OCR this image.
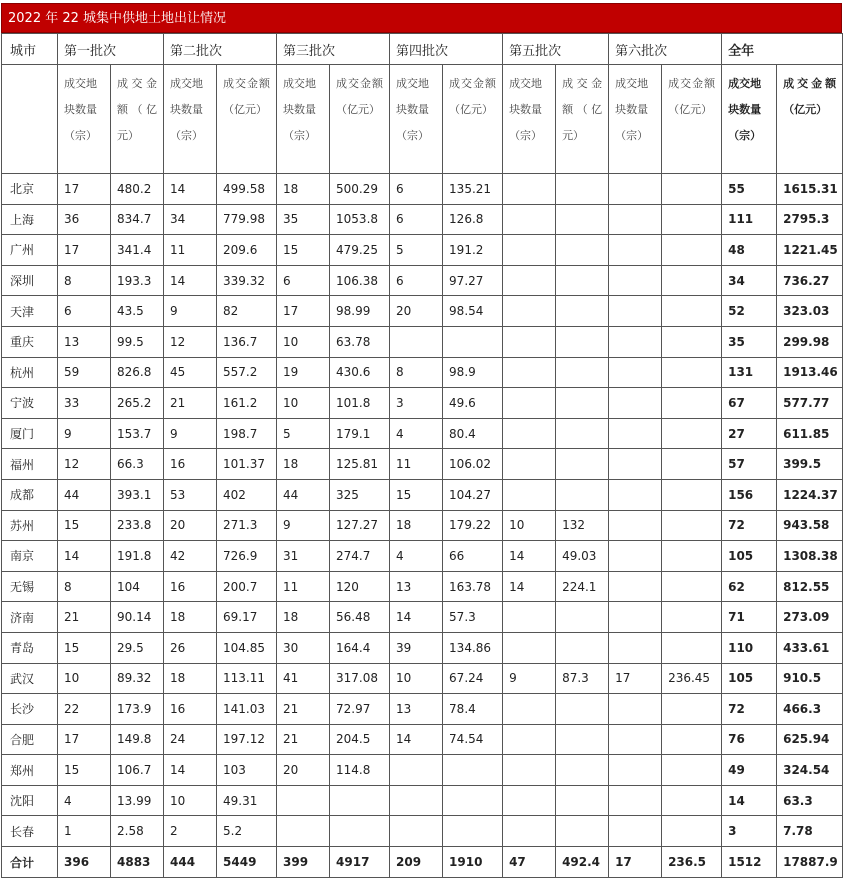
2022 年 22 城集中供地土地出让情况
城市	第一批次		第二批次		第三批次		第四批次		第五批次		第六批次		全年	
	成交地块数量（宗）	成交金额（亿元）	成交地块数量（宗）	成交金额（亿元）	成交地块数量（宗）	成交金额（亿元）	成交地块数量（宗）	成交金额（亿元）	成交地块数量（宗）	成交金额（亿元）	成交地块数量（宗）	成交金额（亿元）	成交地块数量（宗）	成交金额（亿元）
北京	17	480.2	14	499.58	18	500.29	6	135.21					55	1615.31
上海	36	834.7	34	779.98	35	1053.8	6	126.8					111	2795.3
广州	17	341.4	11	209.6	15	479.25	5	191.2					48	1221.45
深圳	8	193.3	14	339.32	6	106.38	6	97.27					34	736.27
天津	6	43.5	9	82	17	98.99	20	98.54					52	323.03
重庆	13	99.5	12	136.7	10	63.78							35	299.98
杭州	59	826.8	45	557.2	19	430.6	8	98.9					131	1913.46
宁波	33	265.2	21	161.2	10	101.8	3	49.6					67	577.77
厦门	9	153.7	9	198.7	5	179.1	4	80.4					27	611.85
福州	12	66.3	16	101.37	18	125.81	11	106.02					57	399.5
成都	44	393.1	53	402	44	325	15	104.27					156	1224.37
苏州	15	233.8	20	271.3	9	127.27	18	179.22	10	132			72	943.58
南京	14	191.8	42	726.9	31	274.7	4	66	14	49.03			105	1308.38
无锡	8	104	16	200.7	11	120	13	163.78	14	224.1			62	812.55
济南	21	90.14	18	69.17	18	56.48	14	57.3					71	273.09
青岛	15	29.5	26	104.85	30	164.4	39	134.86					110	433.61
武汉	10	89.32	18	113.11	41	317.08	10	67.24	9	87.3	17	236.45	105	910.5
长沙	22	173.9	16	141.03	21	72.97	13	78.4					72	466.3
合肥	17	149.8	24	197.12	21	204.5	14	74.54					76	625.94
郑州	15	106.7	14	103	20	114.8							49	324.54
沈阳	4	13.99	10	49.31									14	63.3
长春	1	2.58	2	5.2									3	7.78
合计	396	4883	444	5449	399	4917	209	1910	47	492.4	17	236.5	1512	17887.9
